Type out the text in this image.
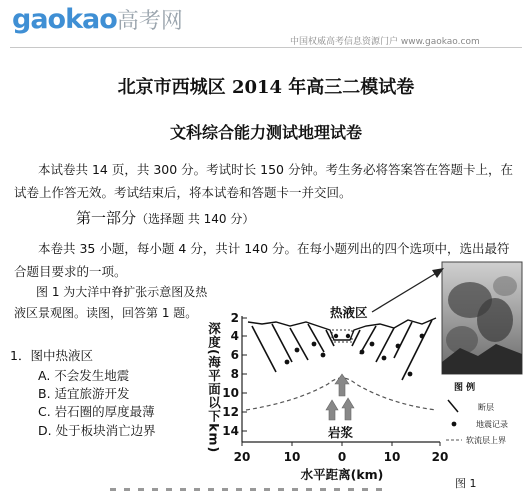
gaokao高考网
中国权威高考信息资源门户 www.gaokao.com
北京市西城区 2014 年高三二模试卷
文科综合能力测试地理试卷
本试卷共 14 页，共 300 分。考试时长 150 分钟。考生务必将答案答在答题卡上，在试卷上作答无效。考试结束后，将本试卷和答题卡一并交回。
第一部分（选择题 共 140 分）
本卷共 35 小题，每小题 4 分，共计 140 分。在每小题列出的四个选项中，选出最符合题目要求的一项。
图 1 为大洋中脊扩张示意图及热液区景观图。读图，回答第 1 题。
1．图中热液区
A. 不会发生地震
B. 适宜旅游开发
C. 岩石圈的厚度最薄
D. 处于板块消亡边界
2
4
6
8
10
12
14
深度(海平面以下km)
20	10	0	10	20
水平距离(km)
热液区
岩浆
图 例
断层
地震记录
软流层上界
图 1
